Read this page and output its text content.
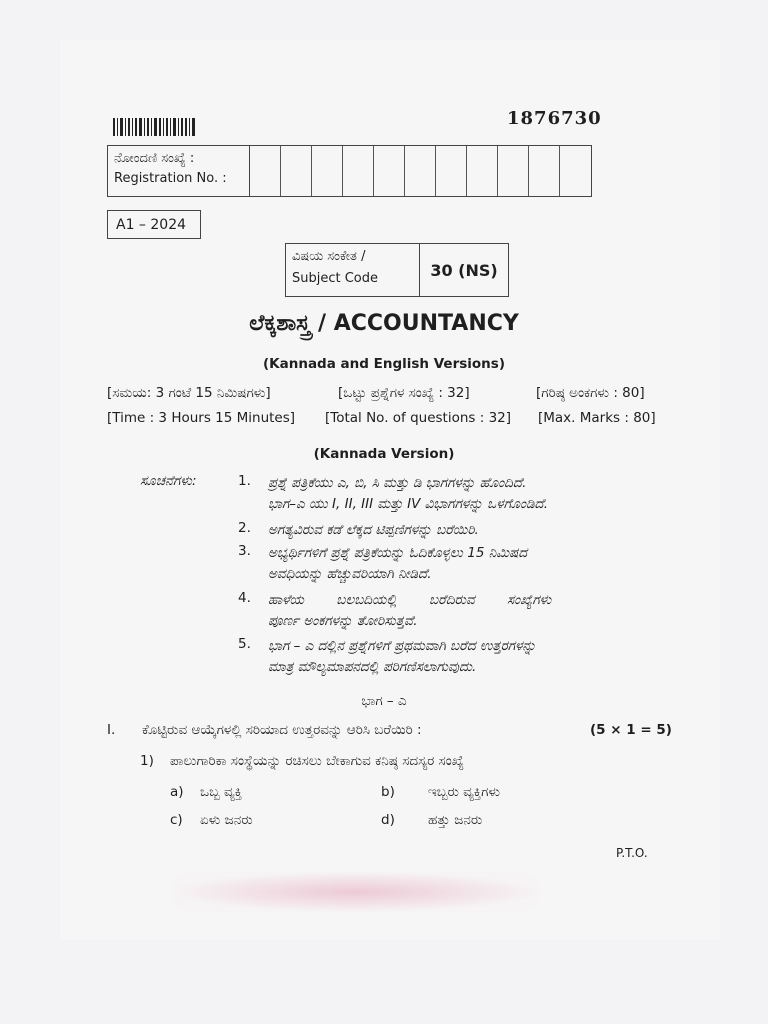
1876730
ನೋಂದಣಿ ಸಂಖ್ಯೆ :
Registration No. :
A1 – 2024
ವಿಷಯ ಸಂಕೇತ /
Subject Code	30 (NS)
ಲೆಕ್ಕಶಾಸ್ತ್ರ / ACCOUNTANCY
(Kannada and English Versions)
[ಸಮಯ: 3 ಗಂಟೆ 15 ನಿಮಿಷಗಳು]	[ಒಟ್ಟು ಪ್ರಶ್ನೆಗಳ ಸಂಖ್ಯೆ : 32]	[ಗರಿಷ್ಠ ಅಂಕಗಳು : 80]
[Time : 3 Hours 15 Minutes] [Total No. of questions : 32] [Max. Marks : 80]
(Kannada Version)
ಸೂಚನೆಗಳು:	1.	ಪ್ರಶ್ನೆ ಪತ್ರಿಕೆಯು ಎ, ಬಿ, ಸಿ ಮತ್ತು ಡಿ ಭಾಗಗಳನ್ನು ಹೊಂದಿದೆ.
ಭಾಗ–ಎ ಯು I, II, III ಮತ್ತು IV ವಿಭಾಗಗಳನ್ನು ಒಳಗೊಂಡಿದೆ.
2.	ಅಗತ್ಯವಿರುವ ಕಡೆ ಲೆಕ್ಕದ ಟಿಪ್ಪಣಿಗಳನ್ನು ಬರೆಯಿರಿ.
3.	ಅಭ್ಯರ್ಥಿಗಳಿಗೆ ಪ್ರಶ್ನೆ ಪತ್ರಿಕೆಯನ್ನು ಓದಿಕೊಳ್ಳಲು 15 ನಿಮಿಷದ
ಅವಧಿಯನ್ನು ಹೆಚ್ಚುವರಿಯಾಗಿ ನೀಡಿದೆ.
4.	ಹಾಳೆಯ ಬಲಬದಿಯಲ್ಲಿ ಬರೆದಿರುವ ಸಂಖ್ಯೆಗಳು
ಪೂರ್ಣ ಅಂಕಗಳನ್ನು ತೋರಿಸುತ್ತವೆ.
5.	ಭಾಗ – ಎ ದಲ್ಲಿನ ಪ್ರಶ್ನೆಗಳಿಗೆ ಪ್ರಥಮವಾಗಿ ಬರೆದ ಉತ್ತರಗಳನ್ನು
ಮಾತ್ರ ಮೌಲ್ಯಮಾಪನದಲ್ಲಿ ಪರಿಗಣಿಸಲಾಗುವುದು.
ಭಾಗ – ಎ
I. ಕೊಟ್ಟಿರುವ ಆಯ್ಕೆಗಳಲ್ಲಿ ಸರಿಯಾದ ಉತ್ತರವನ್ನು ಆರಿಸಿ ಬರೆಯಿರಿ :	(5 × 1 = 5)
1) ಪಾಲುಗಾರಿಕಾ ಸಂಸ್ಥೆಯನ್ನು ರಚಿಸಲು ಬೇಕಾಗುವ ಕನಿಷ್ಠ ಸದಸ್ಯರ ಸಂಖ್ಯೆ
a) ಒಬ್ಬ ವ್ಯಕ್ತಿ	b) ಇಬ್ಬರು ವ್ಯಕ್ತಿಗಳು
c) ಏಳು ಜನರು	d) ಹತ್ತು ಜನರು
P.T.O.
